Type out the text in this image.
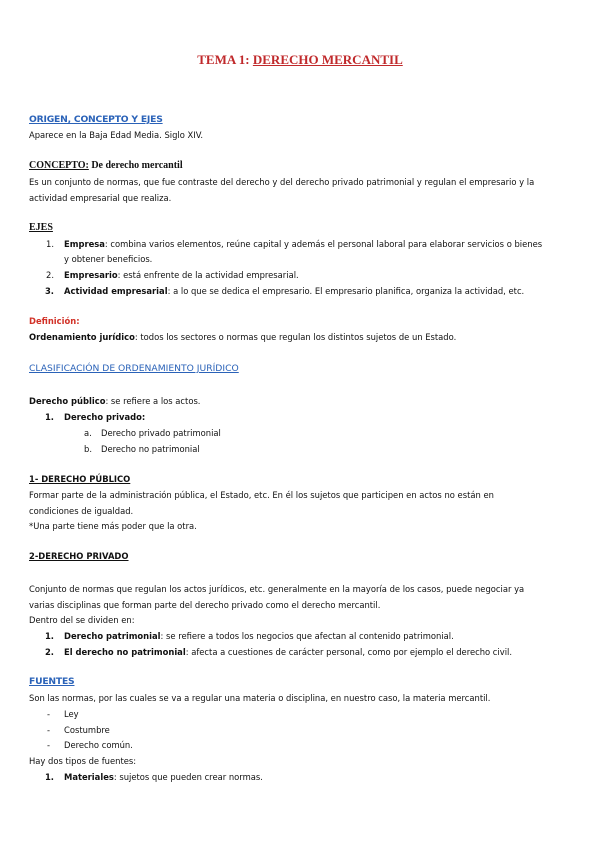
TEMA 1: DERECHO MERCANTIL
ORIGEN, CONCEPTO Y EJES
Aparece en la Baja Edad Media. Siglo XIV.
CONCEPTO: De derecho mercantil
Es un conjunto de normas, que fue contraste del derecho y del derecho privado patrimonial y regulan el empresario y la
actividad empresarial que realiza.
EJES
1. Empresa: combina varios elementos, reúne capital y además el personal laboral para elaborar servicios o bienes
y obtener beneficios.
2. Empresario: está enfrente de la actividad empresarial.
3. Actividad empresarial: a lo que se dedica el empresario. El empresario planifica, organiza la actividad, etc.
Definición:
Ordenamiento jurídico: todos los sectores o normas que regulan los distintos sujetos de un Estado.
CLASIFICACIÓN DE ORDENAMIENTO JURÍDICO
Derecho público: se refiere a los actos.
1. Derecho privado:
a. Derecho privado patrimonial
b. Derecho no patrimonial
1- DERECHO PÚBLICO
Formar parte de la administración pública, el Estado, etc. En él los sujetos que participen en actos no están en
condiciones de igualdad.
*Una parte tiene más poder que la otra.
2-DERECHO PRIVADO
Conjunto de normas que regulan los actos jurídicos, etc. generalmente en la mayoría de los casos, puede negociar ya
varias disciplinas que forman parte del derecho privado como el derecho mercantil.
Dentro del se dividen en:
1. Derecho patrimonial: se refiere a todos los negocios que afectan al contenido patrimonial.
2. El derecho no patrimonial: afecta a cuestiones de carácter personal, como por ejemplo el derecho civil.
FUENTES
Son las normas, por las cuales se va a regular una materia o disciplina, en nuestro caso, la materia mercantil.
- Ley
- Costumbre
- Derecho común.
Hay dos tipos de fuentes:
1. Materiales: sujetos que pueden crear normas.
